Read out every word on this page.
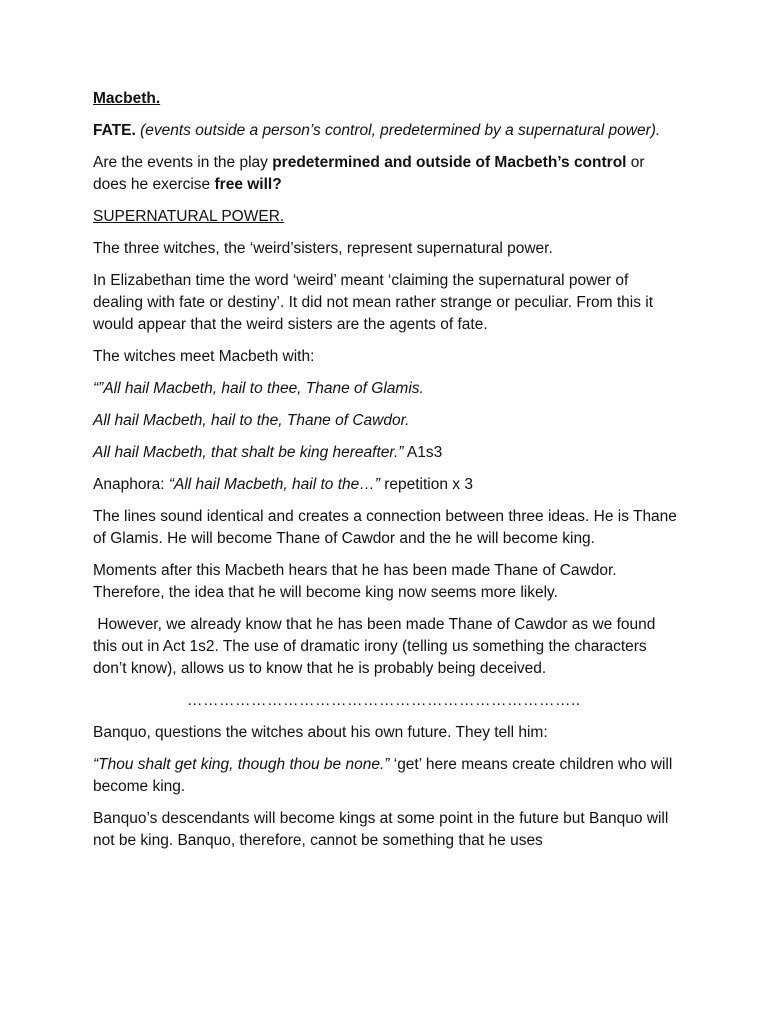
Macbeth.

FATE. (events outside a person’s control, predetermined by a supernatural power).

Are the events in the play predetermined and outside of Macbeth’s control or does he exercise free will?

SUPERNATURAL POWER.

The three witches, the ‘weird’sisters, represent supernatural power.

In Elizabethan time the word ‘weird’ meant ‘claiming the supernatural power of dealing with fate or destiny’. It did not mean rather strange or peculiar. From this it would appear that the weird sisters are the agents of fate.

The witches meet Macbeth with:

“”All hail Macbeth, hail to thee, Thane of Glamis.

All hail Macbeth, hail to the, Thane of Cawdor.

All hail Macbeth, that shalt be king hereafter.” A1s3

Anaphora: “All hail Macbeth, hail to the…” repetition x 3

The lines sound identical and creates a connection between three ideas. He is Thane of Glamis. He will become Thane of Cawdor and the he will become king.

Moments after this Macbeth hears that he has been made Thane of Cawdor. Therefore, the idea that he will become king now seems more likely.

However, we already know that he has been made Thane of Cawdor as we found this out in Act 1s2. The use of dramatic irony (telling us something the characters don’t know), allows us to know that he is probably being deceived.

………………………………………………………………..

Banquo, questions the witches about his own future. They tell him:

“Thou shalt get king, though thou be none.” ‘get’ here means create children who will become king.

Banquo’s descendants will become kings at some point in the future but Banquo will not be king. Banquo, therefore, cannot be something that he uses
